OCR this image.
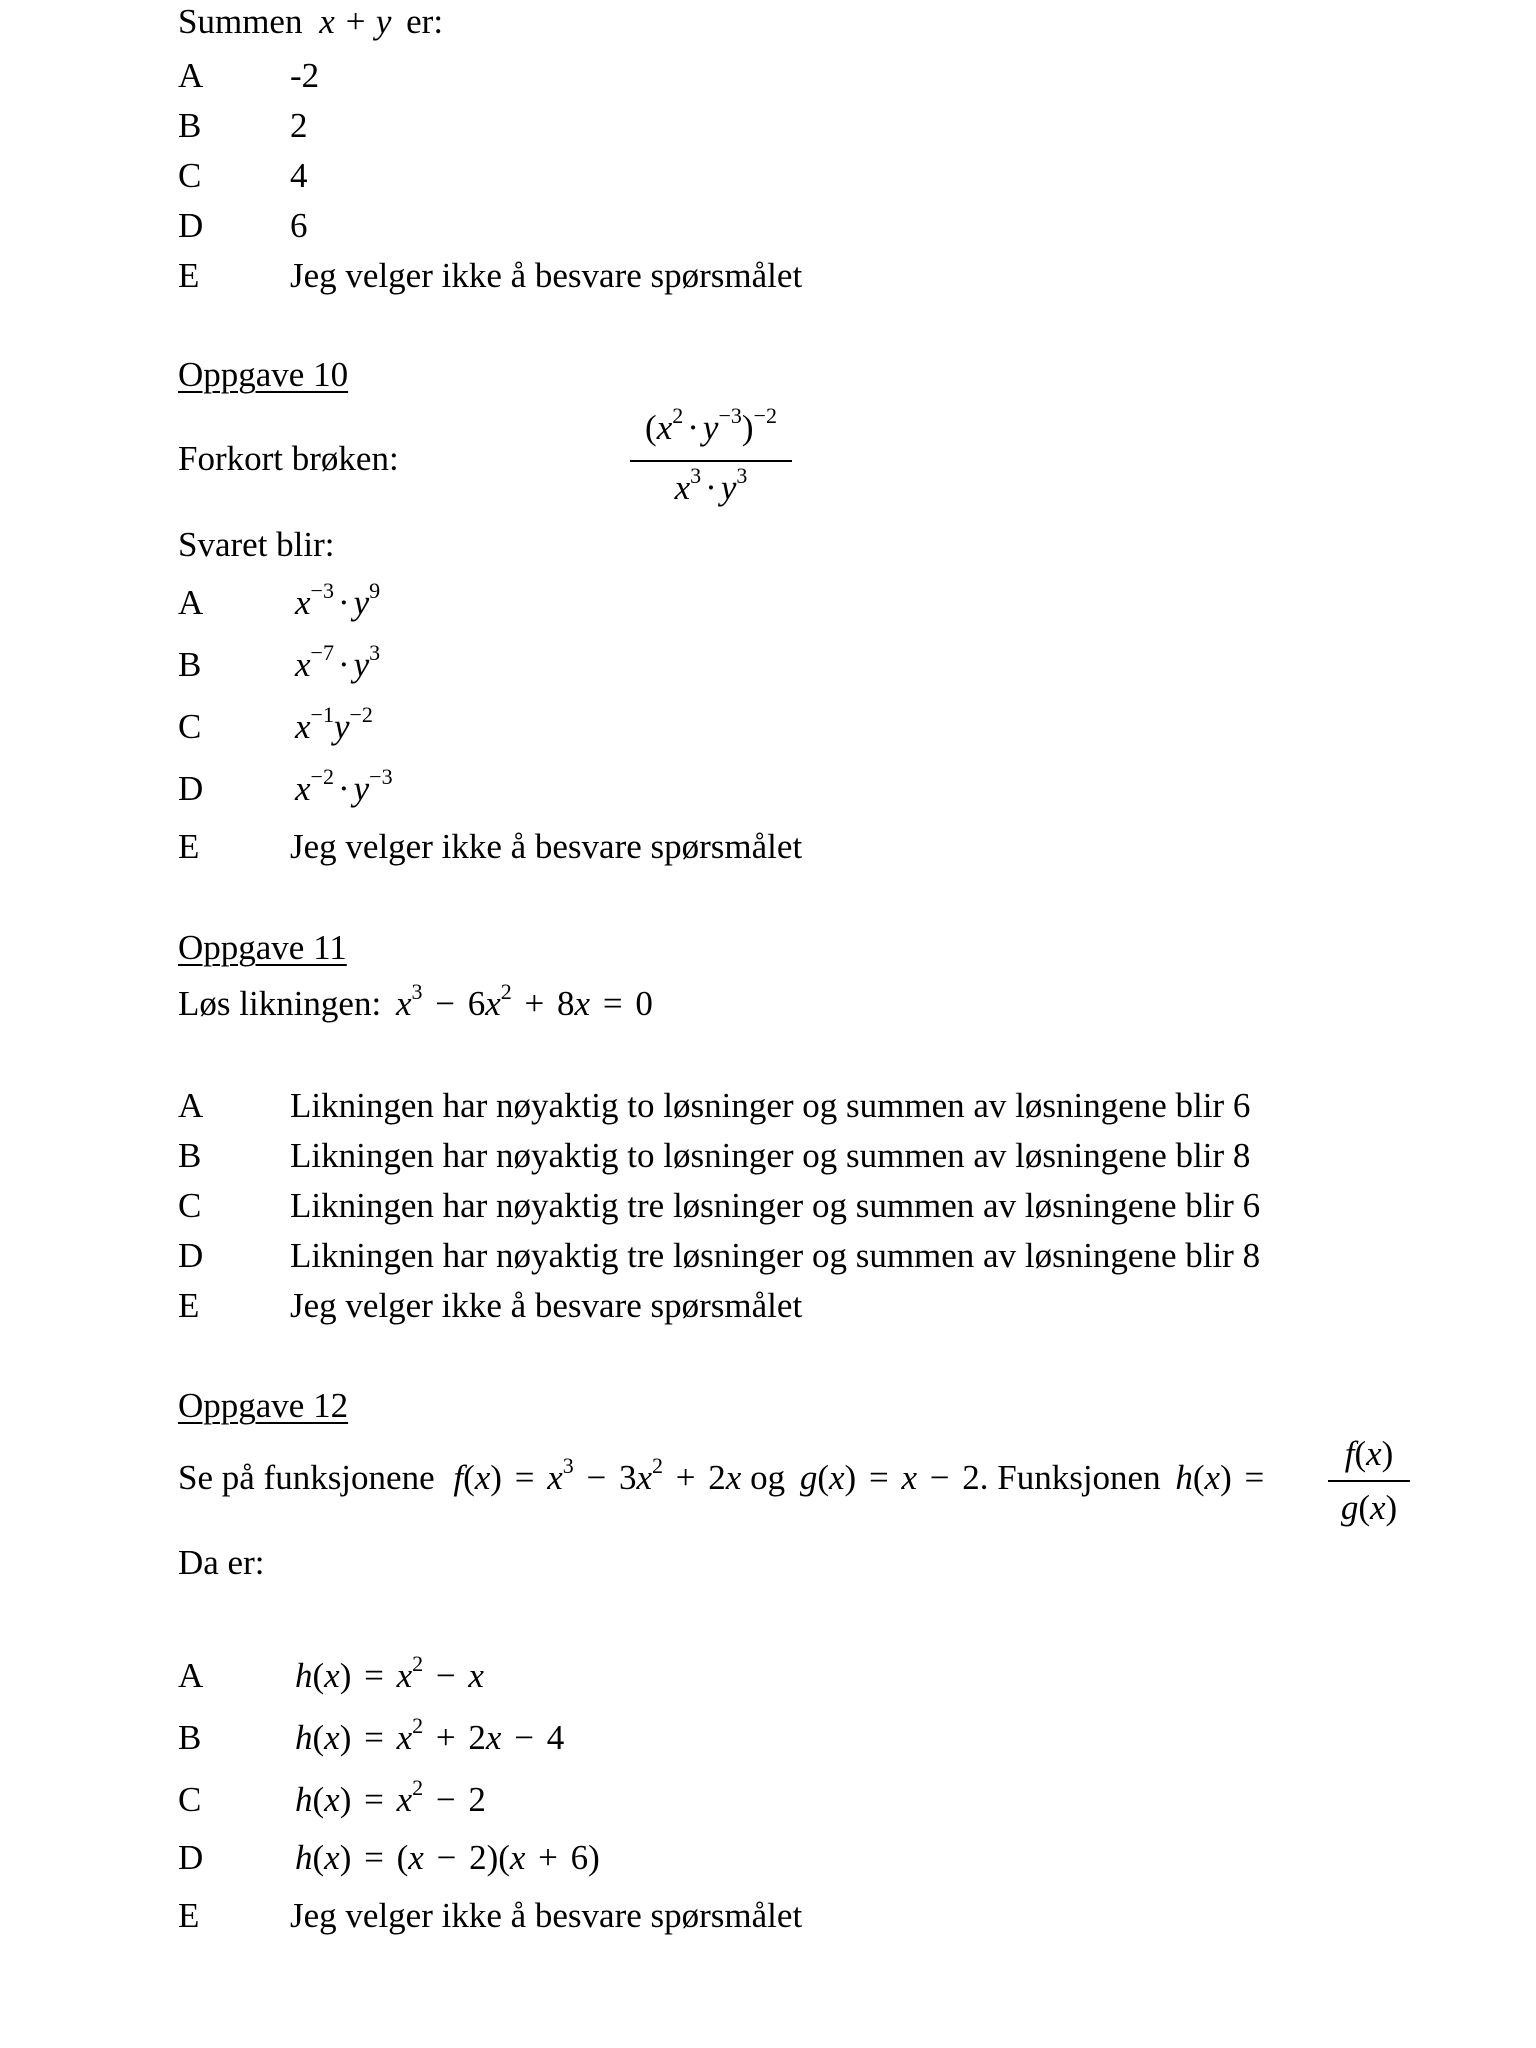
Summen x + y er:
A -2
B	2
C	4
D 6
E	Jeg velger ikke å besvare spørsmålet
Oppgave 10
Forkort brøken:
$(x^2 \cdot y^{-3})^{-2}$
$x^3 \cdot y^3$
Svaret blir:
A	$x^{-3} \cdot y^9$
B	$x^{-7} \cdot y^3$
C	$x^{-1}y^{-2}$
D	$x^{-2} \cdot y^{-3}$
E	Jeg velger ikke å besvare spørsmålet
Oppgave 11
Løs likningen: $x^3 - 6x^2 + 8x = 0$
A Likningen har nøyaktig to løsninger og summen av løsningene blir 6
B	Likningen har nøyaktig to løsninger og summen av løsningene blir 8
C	Likningen har nøyaktig tre løsninger og summen av løsningene blir 6
D Likningen har nøyaktig tre løsninger og summen av løsningene blir 8
E	Jeg velger ikke å besvare spørsmålet
Oppgave 12
Se på funksjonene $f(x) = x^3 - 3x^2 + 2x$ og g(x) = x − 2. Funksjonen h(x) =
f(x)
g(x)
Da er:
A	$h(x) = x^2 - x$
B	$h(x) = x^2 + 2x - 4$
C	$h(x) = x^2 - 2$
D	h(x) = (x − 2)(x + 6)
E	Jeg velger ikke å besvare spørsmålet
